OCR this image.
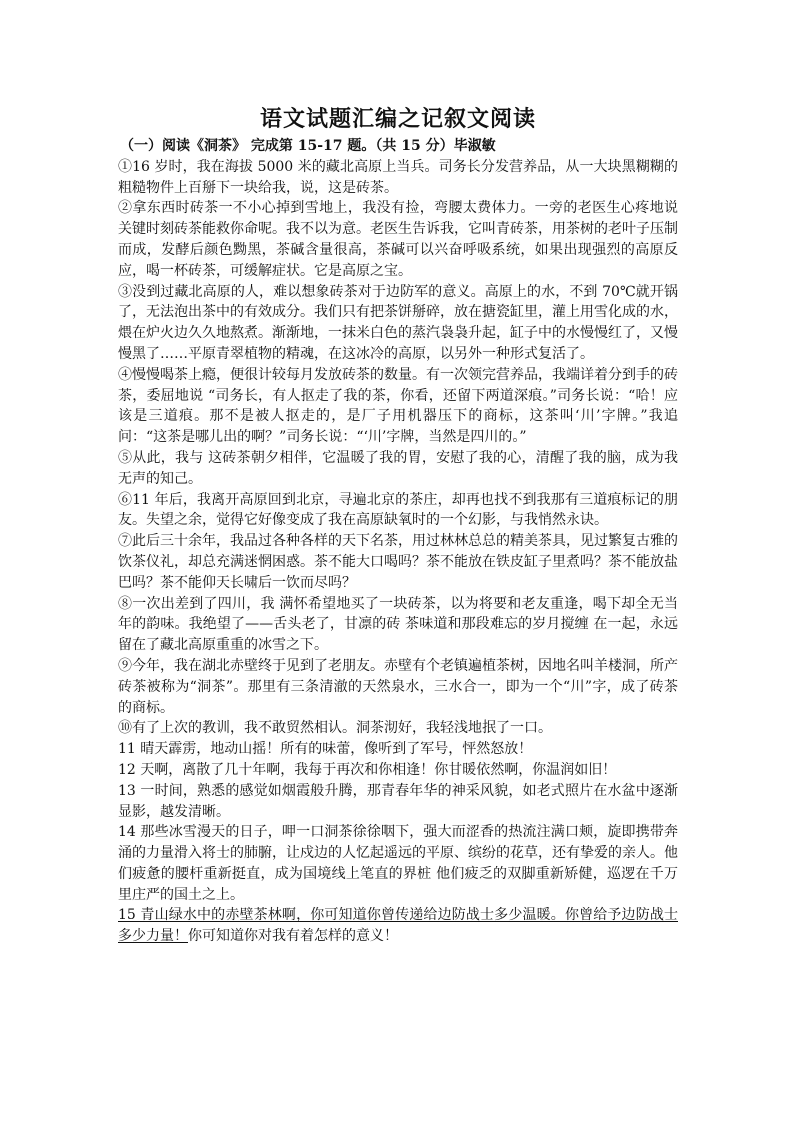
语文试题汇编之记叙文阅读

（一）阅读《洞茶》 完成第 15-17 题。（共 15 分）毕淑敏

①16 岁时，我在海拔 5000 米的藏北高原上当兵。司务长分发营养品，从一大块黑糊糊的粗糙物件上百掰下一块给我，说，这是砖茶。

②拿东西时砖茶一不小心掉到雪地上，我没有捡，弯腰太费体力。一旁的老医生心疼地说 关键时刻砖茶能救你命呢。我不以为意。老医生告诉我，它叫青砖茶，用茶树的老叶子压制而成，发酵后颜色黝黑，茶碱含量很高，茶碱可以兴奋呼吸系统，如果出现强烈的高原反应，喝一杯砖茶，可缓解症状。它是高原之宝。

③没到过藏北高原的人，难以想象砖茶对于边防军的意义。高原上的水，不到 70℃就开锅了，无法泡出茶中的有效成分。我们只有把茶饼掰碎，放在搪瓷缸里，灌上用雪化成的水，煨在炉火边久久地熬煮。渐渐地，一抹米白色的蒸汽袅袅升起，缸子中的水慢慢红了，又慢慢黑了……平原青翠植物的精魂，在这冰冷的高原，以另外一种形式复活了。

④慢慢喝茶上瘾，便很计较每月发放砖茶的数量。有一次领完营养品，我端详着分到手的砖茶，委屈地说 “司务长，有人抠走了我的茶，你看，还留下两道深痕。”司务长说：“哈！应该是三道痕。那不是被人抠走的，是厂子用机器压下的商标，这茶叫‘川’字牌。”我追问：“这茶是哪儿出的啊？”司务长说：“‘川’字牌，当然是四川的。”

⑤从此，我与 这砖茶朝夕相伴，它温暖了我的胃，安慰了我的心，清醒了我的脑，成为我无声的知己。

⑥11 年后，我离开高原回到北京，寻遍北京的茶庄，却再也找不到我那有三道痕标记的朋友。失望之余，觉得它好像变成了我在高原缺氧时的一个幻影，与我悄然永诀。

⑦此后三十余年，我品过各种各样的天下名茶，用过林林总总的精美茶具，见过繁复古雅的饮茶仪礼，却总充满迷惘困惑。茶不能大口喝吗？茶不能放在铁皮缸子里煮吗？茶不能放盐巴吗？茶不能仰天长啸后一饮而尽吗？

⑧一次出差到了四川，我 满怀希望地买了一块砖茶，以为将要和老友重逢，喝下却全无当年的韵味。我绝望了——舌头老了，甘凛的砖 茶味道和那段难忘的岁月搅缠 在一起，永远留在了藏北高原重重的冰雪之下。

⑨今年，我在湖北赤壁终于见到了老朋友。赤壁有个老镇遍植茶树，因地名叫羊楼洞，所产砖茶被称为“洞茶”。那里有三条清澈的天然泉水，三水合一，即为一个“川”字，成了砖茶的商标。

⑩有了上次的教训，我不敢贸然相认。洞茶沏好，我轻浅地抿了一口。

11 晴天霹雳，地动山摇！所有的味蕾，像听到了军号，怦然怒放！

12 天啊，离散了几十年啊，我每于再次和你相逢！你甘暖依然啊，你温润如旧！

13 一时间，熟悉的感觉如烟霞般升腾，那青春年华的神采风貌，如老式照片在水盆中逐渐显影，越发清晰。

14 那些冰雪漫天的日子，呷一口洞茶徐徐咽下，强大而涩香的热流注满口颊，旋即携带奔涌的力量滑入将士的肺腑，让戍边的人忆起遥远的平原、缤纷的花草，还有挚爱的亲人。他们疲惫的腰杆重新挺直，成为国境线上笔直的界桩 他们疲乏的双脚重新矫健，巡逻在千万里庄严的国土之上。

15 青山绿水中的赤壁茶林啊，你可知道你曾传递给边防战士多少温暖。你曾给予边防战士多少力量！你可知道你对我有着怎样的意义！
